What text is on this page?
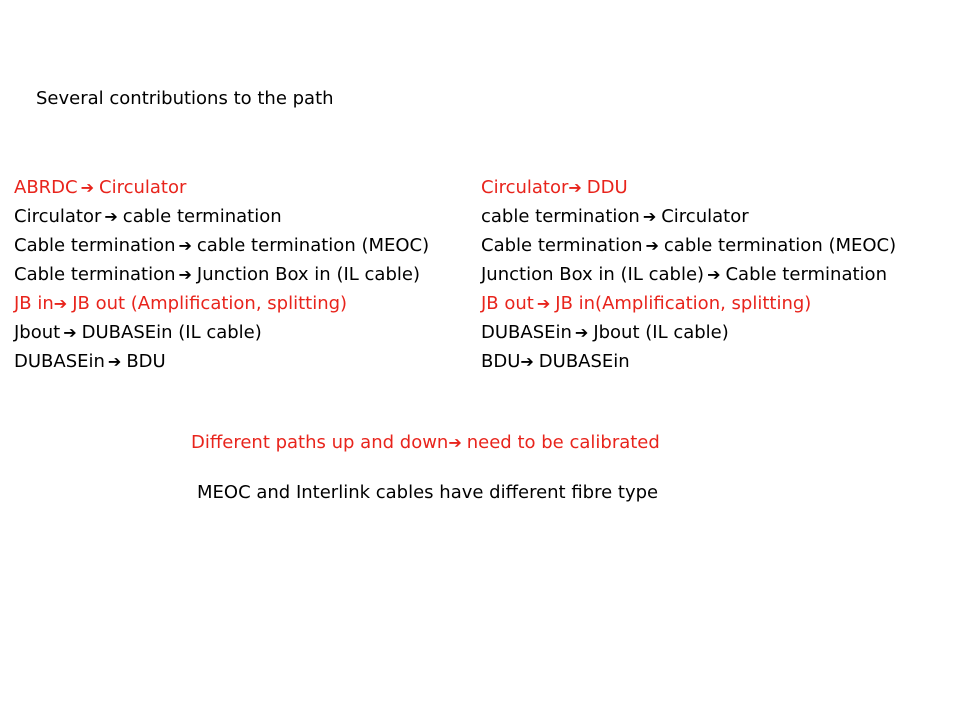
Several contributions to the path
ABRDC ➔ Circulator
Circulator ➔ cable termination
Cable termination ➔ cable termination (MEOC)
Cable termination ➔ Junction Box in (IL cable)
JB in➔ JB out (Amplification, splitting)
Jbout ➔ DUBASEin (IL cable)
DUBASEin ➔ BDU
Circulator➔ DDU
cable termination ➔ Circulator
Cable termination ➔ cable termination (MEOC)
Junction Box in (IL cable) ➔ Cable termination
JB out ➔ JB in(Amplification, splitting)
DUBASEin ➔ Jbout (IL cable)
BDU➔ DUBASEin
Different paths up and down➔ need to be calibrated
MEOC and Interlink cables have different fibre type
